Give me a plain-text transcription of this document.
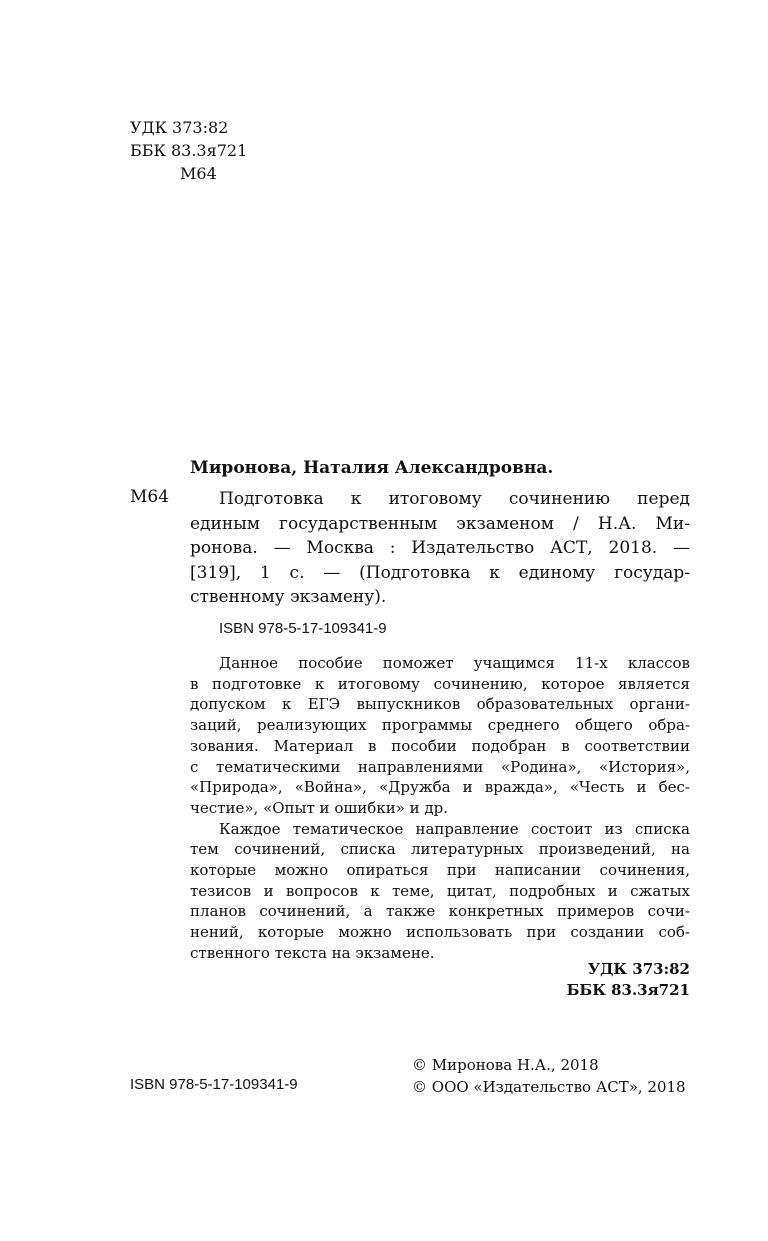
УДК 373:82
ББК 83.3я721
М64
Миронова, Наталия Александровна.
М64	Подготовка к итоговому сочинению перед
единым государственным экзаменом / Н.А. Ми-
ронова. — Москва : Издательство АСТ, 2018. —
[319], 1 с. — (Подготовка к единому государ-
ственному экзамену).
ISBN 978-5-17-109341-9
Данное пособие поможет учащимся 11-х классов
в подготовке к итоговому сочинению, которое является
допуском к ЕГЭ выпускников образовательных органи-
заций, реализующих программы среднего общего обра-
зования. Материал в пособии подобран в соответствии
с тематическими направлениями «Родина», «История»,
«Природа», «Война», «Дружба и вражда», «Честь и бес-
честие», «Опыт и ошибки» и др.
Каждое тематическое направление состоит из списка
тем сочинений, списка литературных произведений, на
которые можно опираться при написании сочинения,
тезисов и вопросов к теме, цитат, подробных и сжатых
планов сочинений, а также конкретных примеров сочи-
нений, которые можно использовать при создании соб-
ственного текста на экзамене.
УДК 373:82
ББК 83.3я721
ISBN 978-5-17-109341-9
© Миронова Н.А., 2018
© ООО «Издательство АСТ», 2018
